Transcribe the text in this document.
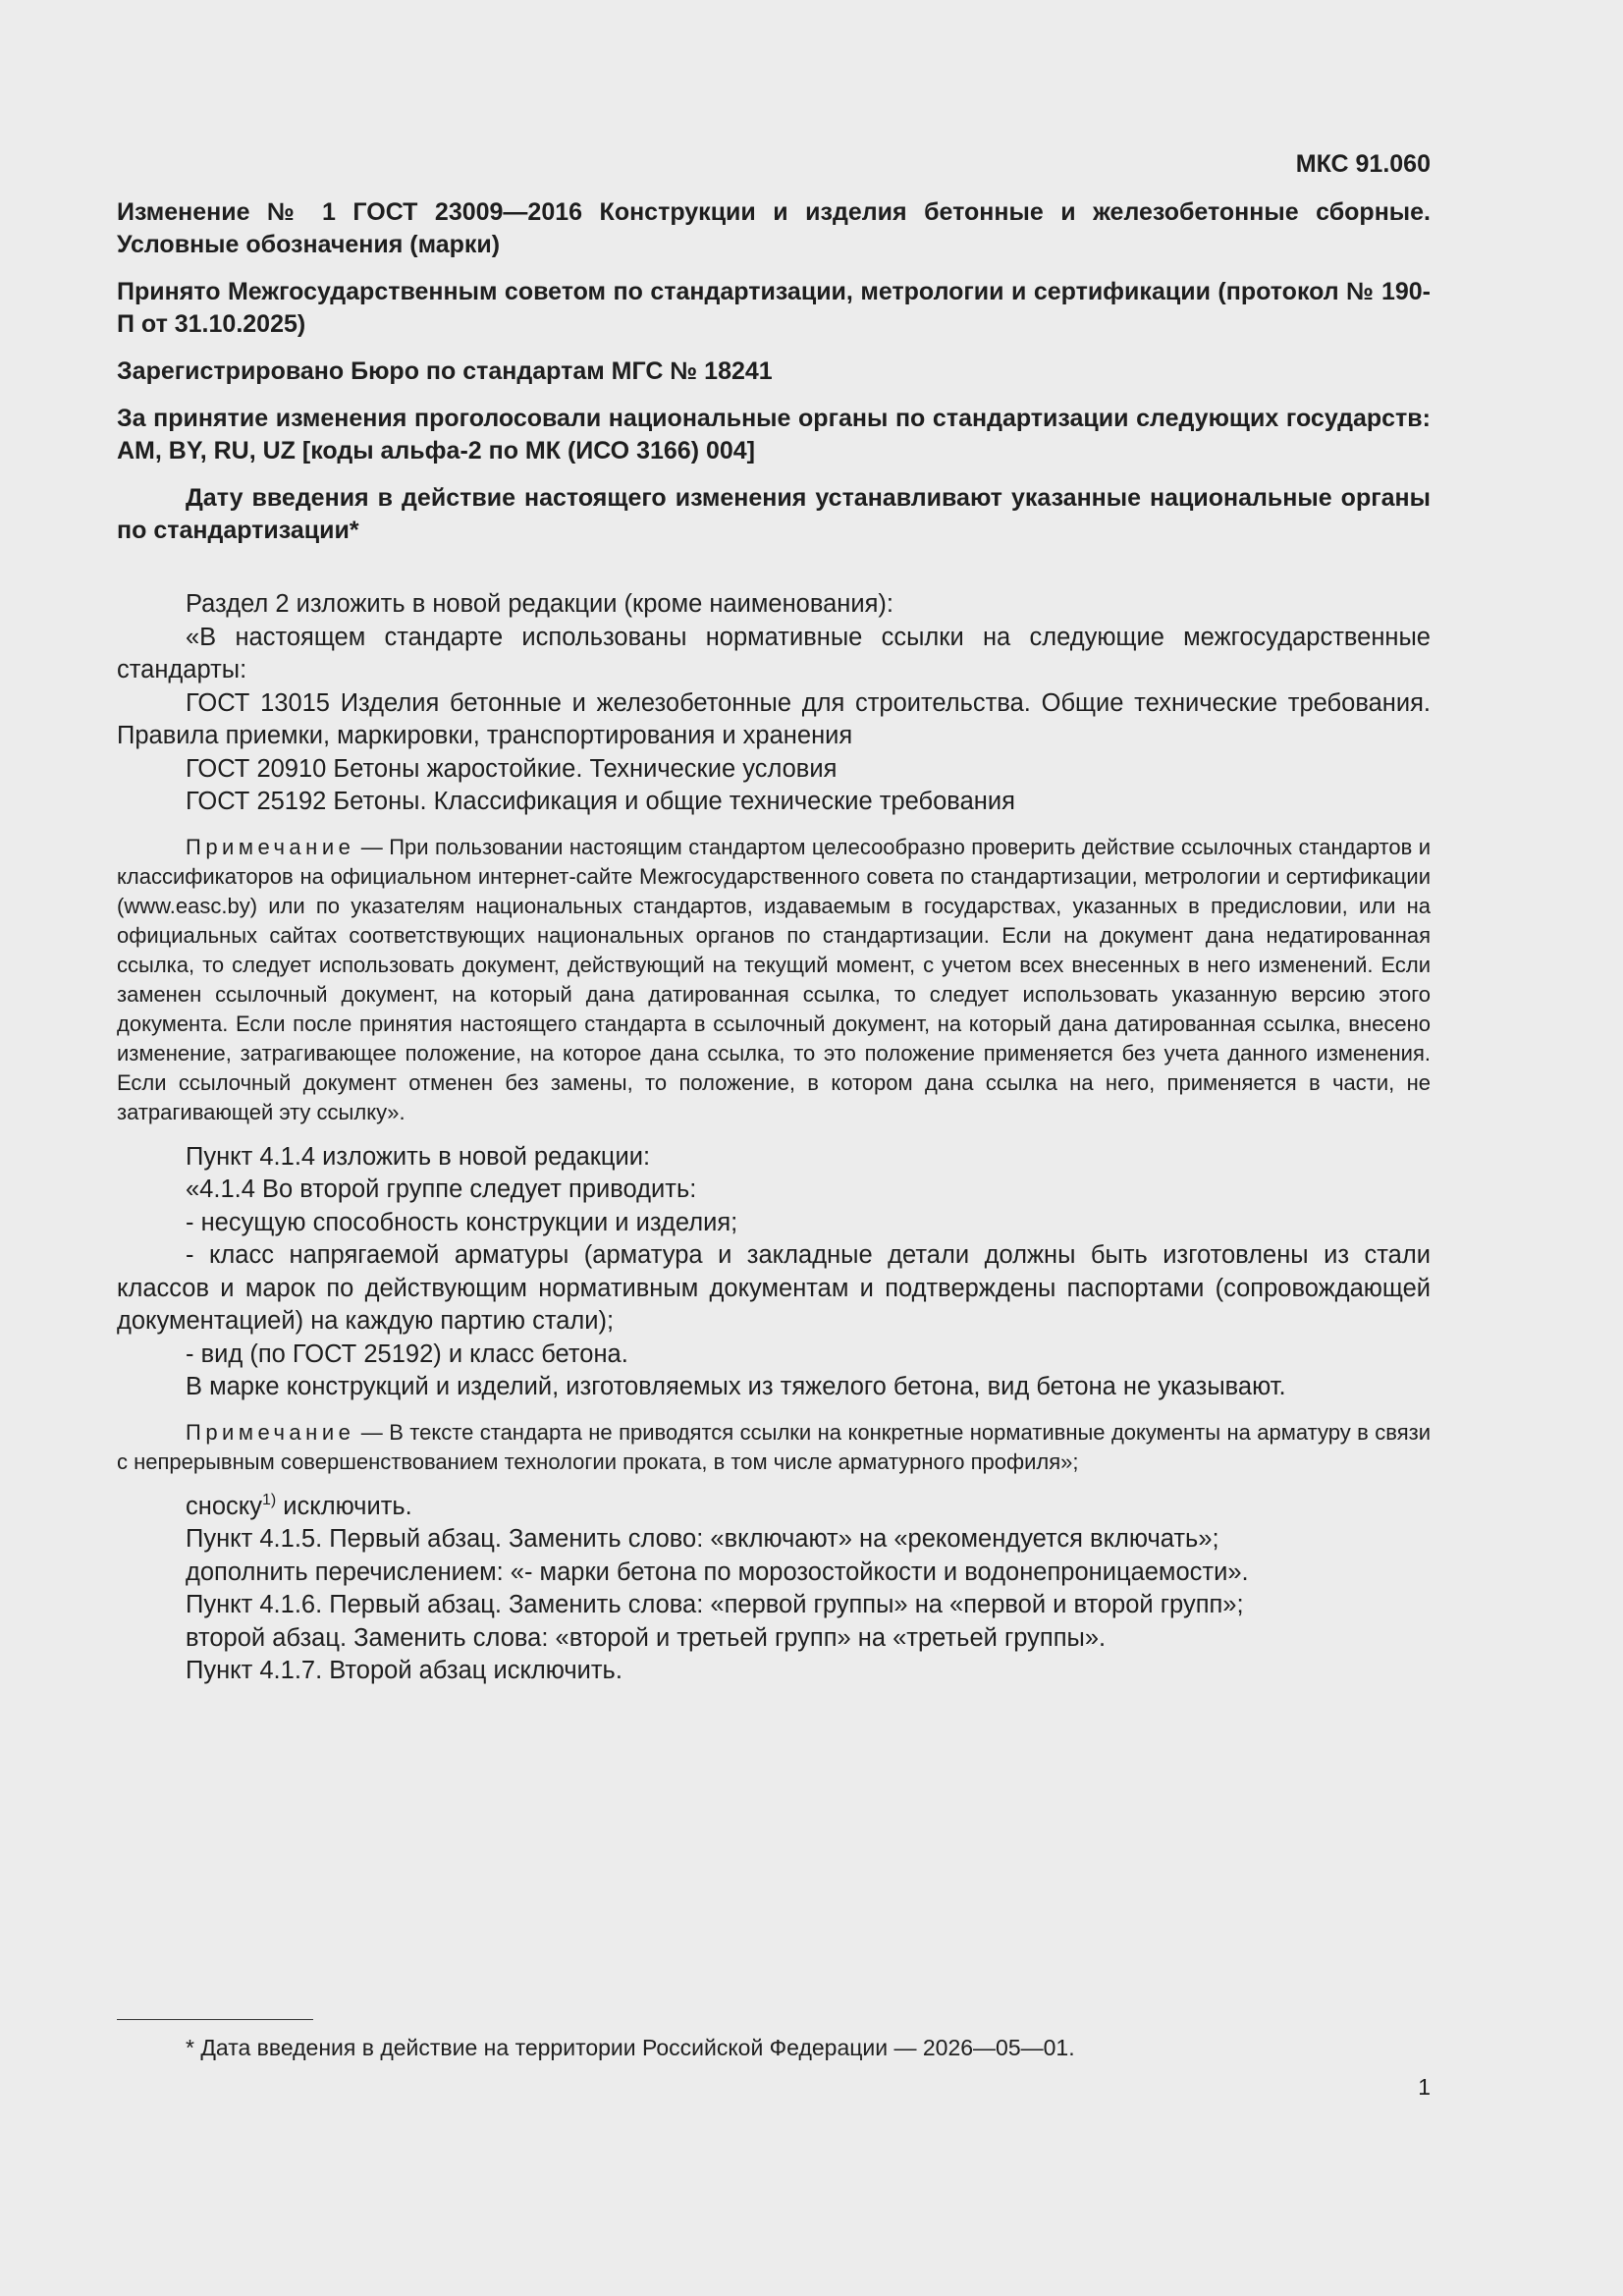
МКС 91.060
Изменение № 1 ГОСТ 23009—2016 Конструкции и изделия бетонные и железобетонные сборные. Условные обозначения (марки)
Принято Межгосударственным советом по стандартизации, метрологии и сертификации (протокол № 190-П от 31.10.2025)
Зарегистрировано Бюро по стандартам МГС № 18241
За принятие изменения проголосовали национальные органы по стандартизации следующих государств: AM, BY, RU, UZ [коды альфа-2 по МК (ИСО 3166) 004]
Дату введения в действие настоящего изменения устанавливают указанные национальные органы по стандартизации*

Раздел 2 изложить в новой редакции (кроме наименования):

«В настоящем стандарте использованы нормативные ссылки на следующие межгосударственные стандарты:

ГОСТ 13015 Изделия бетонные и железобетонные для строительства. Общие технические требования. Правила приемки, маркировки, транспортирования и хранения

ГОСТ 20910 Бетоны жаростойкие. Технические условия

ГОСТ 25192 Бетоны. Классификация и общие технические требования

Примечание — При пользовании настоящим стандартом целесообразно проверить действие ссылочных стандартов и классификаторов на официальном интернет-сайте Межгосударственного совета по стандартизации, метрологии и сертификации (www.easc.by) или по указателям национальных стандартов, издаваемым в государствах, указанных в предисловии, или на официальных сайтах соответствующих национальных органов по стандартизации. Если на документ дана недатированная ссылка, то следует использовать документ, действующий на текущий момент, с учетом всех внесенных в него изменений. Если заменен ссылочный документ, на который дана датированная ссылка, то следует использовать указанную версию этого документа. Если после принятия настоящего стандарта в ссылочный документ, на который дана датированная ссылка, внесено изменение, затрагивающее положение, на которое дана ссылка, то это положение применяется без учета данного изменения. Если ссылочный документ отменен без замены, то положение, в котором дана ссылка на него, применяется в части, не затрагивающей эту ссылку».

Пункт 4.1.4 изложить в новой редакции:

«4.1.4 Во второй группе следует приводить:

- несущую способность конструкции и изделия;

- класс напрягаемой арматуры (арматура и закладные детали должны быть изготовлены из стали классов и марок по действующим нормативным документам и подтверждены паспортами (сопровождающей документацией) на каждую партию стали);

- вид (по ГОСТ 25192) и класс бетона.

В марке конструкций и изделий, изготовляемых из тяжелого бетона, вид бетона не указывают.

Примечание — В тексте стандарта не приводятся ссылки на конкретные нормативные документы на арматуру в связи с непрерывным совершенствованием технологии проката, в том числе арматурного профиля»;

сноску$^{1)}$ исключить.

Пункт 4.1.5. Первый абзац. Заменить слово: «включают» на «рекомендуется включать»;

дополнить перечислением: «- марки бетона по морозостойкости и водонепроницаемости».

Пункт 4.1.6. Первый абзац. Заменить слова: «первой группы» на «первой и второй групп»;

второй абзац. Заменить слова: «второй и третьей групп» на «третьей группы».

Пункт 4.1.7. Второй абзац исключить.

* Дата введения в действие на территории Российской Федерации — 2026—05—01.
1
